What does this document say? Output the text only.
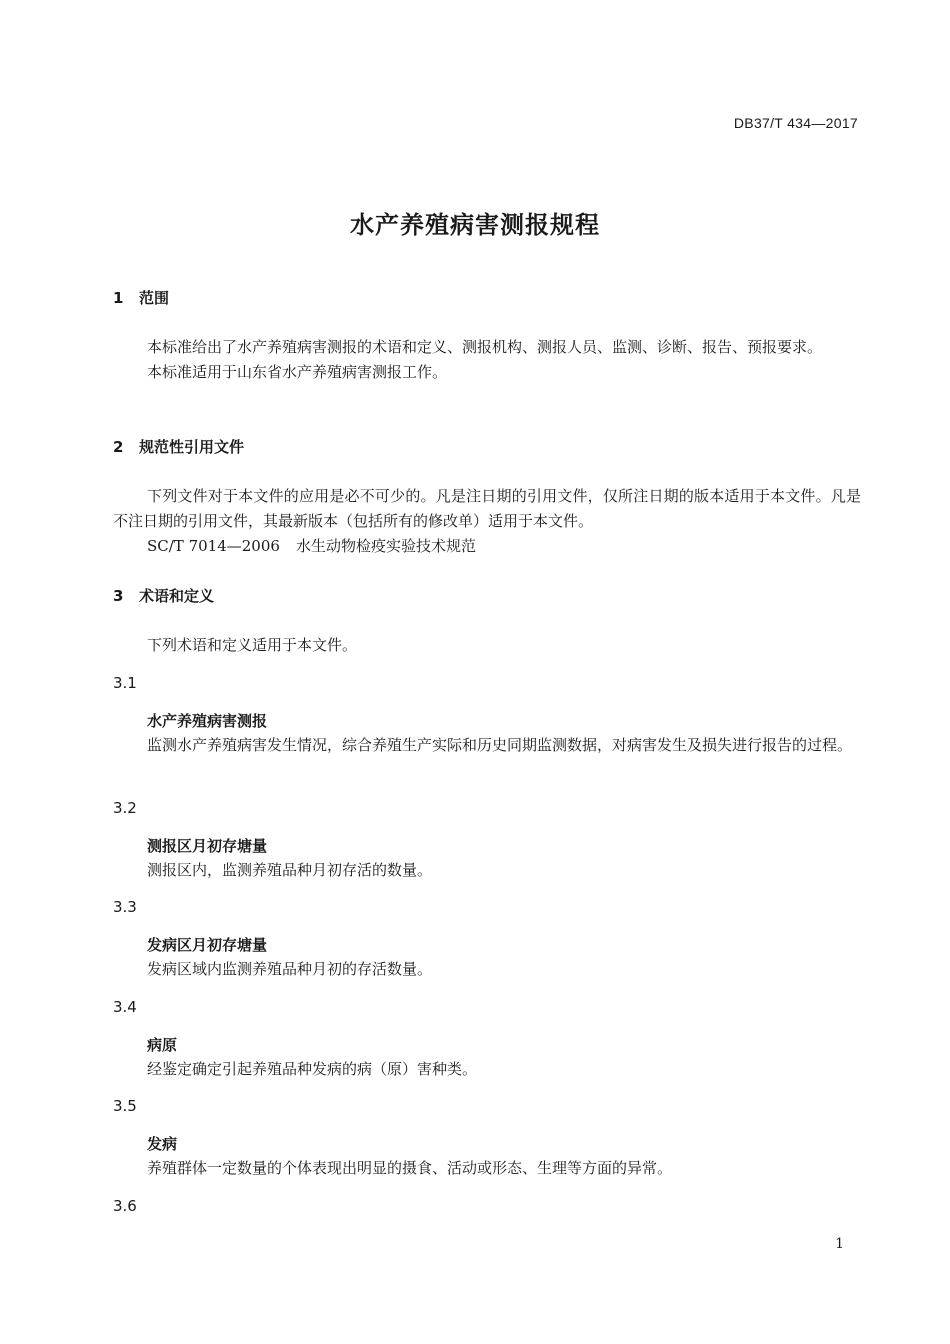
DB37/T 434—2017
水产养殖病害测报规程
1 范围
本标准给出了水产养殖病害测报的术语和定义、测报机构、测报人员、监测、诊断、报告、预报要求。
本标准适用于山东省水产养殖病害测报工作。
2 规范性引用文件
下列文件对于本文件的应用是必不可少的。凡是注日期的引用文件，仅所注日期的版本适用于本文件。凡是不注日期的引用文件，其最新版本（包括所有的修改单）适用于本文件。
SC/T 7014—2006 水生动物检疫实验技术规范
3 术语和定义
下列术语和定义适用于本文件。
3.1
水产养殖病害测报
监测水产养殖病害发生情况，综合养殖生产实际和历史同期监测数据，对病害发生及损失进行报告的过程。
3.2
测报区月初存塘量
测报区内，监测养殖品种月初存活的数量。
3.3
发病区月初存塘量
发病区域内监测养殖品种月初的存活数量。
3.4
病原
经鉴定确定引起养殖品种发病的病（原）害种类。
3.5
发病
养殖群体一定数量的个体表现出明显的摄食、活动或形态、生理等方面的异常。
3.6
1
